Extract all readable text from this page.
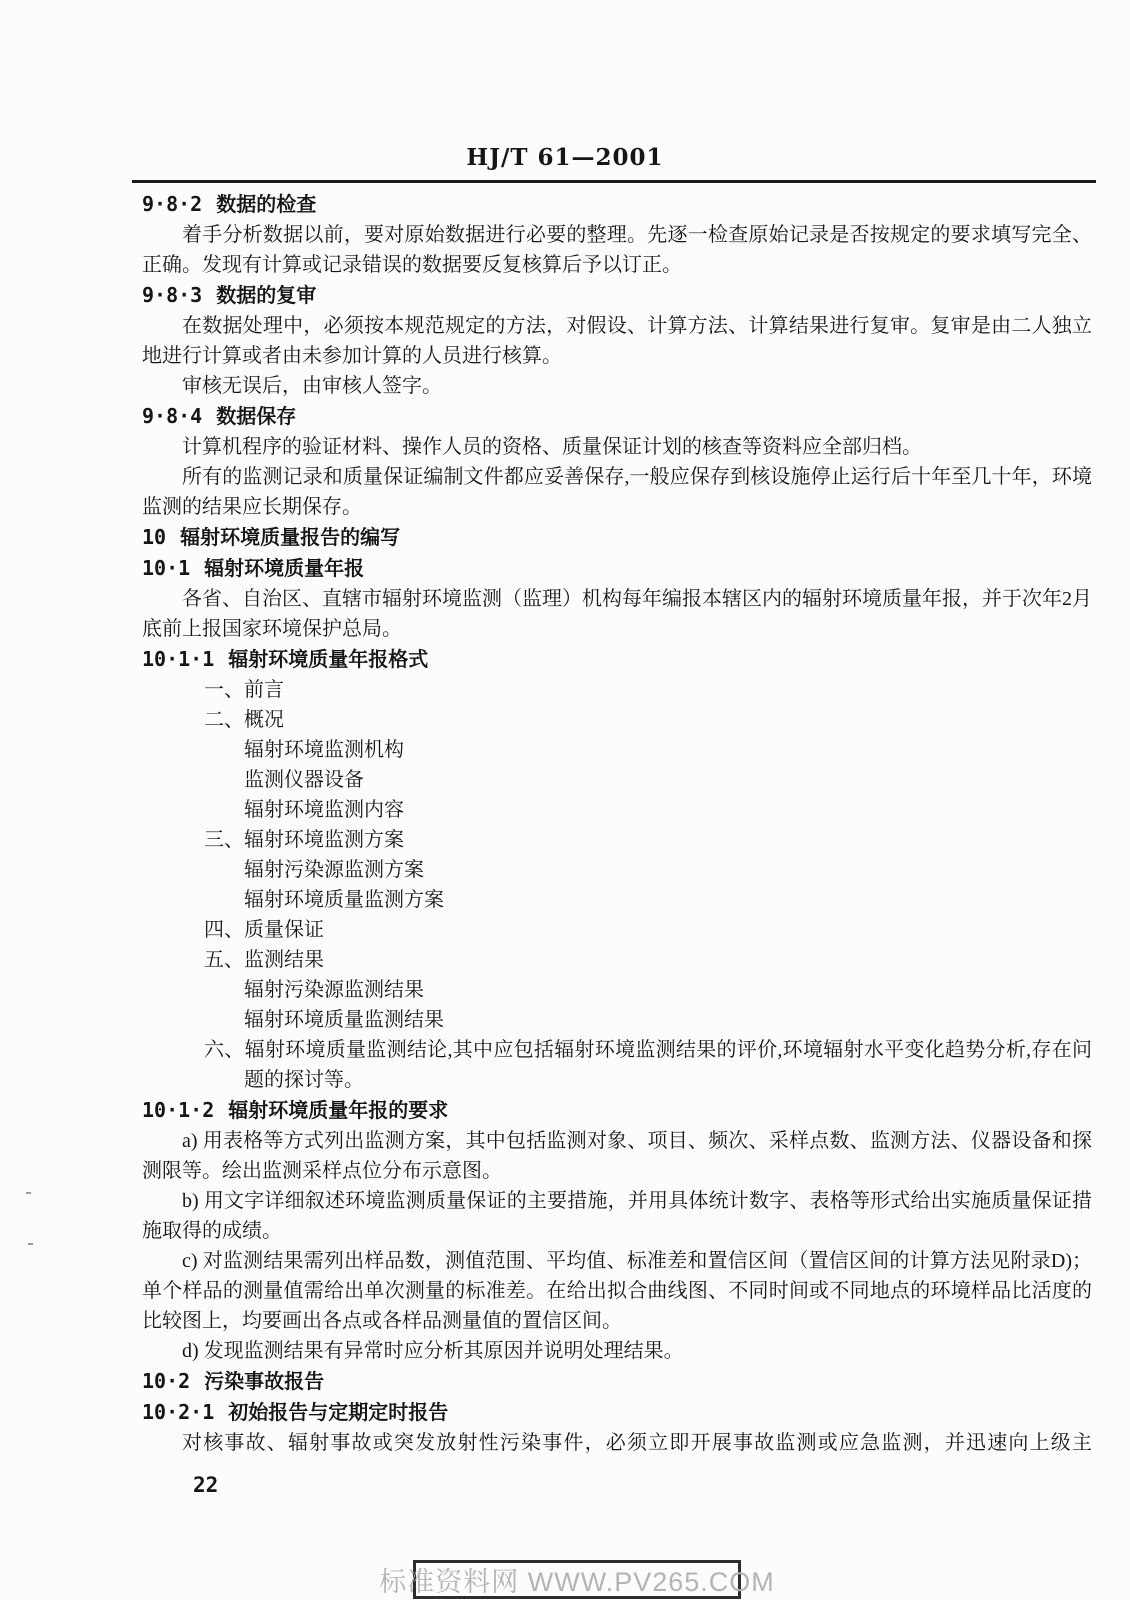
HJ/T 61—2001
9·8·2 数据的检查
着手分析数据以前，要对原始数据进行必要的整理。先逐一检查原始记录是否按规定的要求填写完全、正确。发现有计算或记录错误的数据要反复核算后予以订正。
9·8·3 数据的复审
在数据处理中，必须按本规范规定的方法，对假设、计算方法、计算结果进行复审。复审是由二人独立地进行计算或者由未参加计算的人员进行核算。
审核无误后，由审核人签字。
9·8·4 数据保存
计算机程序的验证材料、操作人员的资格、质量保证计划的核查等资料应全部归档。
所有的监测记录和质量保证编制文件都应妥善保存,一般应保存到核设施停止运行后十年至几十年，环境监测的结果应长期保存。
10 辐射环境质量报告的编写
10·1 辐射环境质量年报
各省、自治区、直辖市辐射环境监测（监理）机构每年编报本辖区内的辐射环境质量年报，并于次年2月底前上报国家环境保护总局。
10·1·1 辐射环境质量年报格式
一、前言
二、概况
辐射环境监测机构
监测仪器设备
辐射环境监测内容
三、辐射环境监测方案
辐射污染源监测方案
辐射环境质量监测方案
四、质量保证
五、监测结果
辐射污染源监测结果
辐射环境质量监测结果
六、辐射环境质量监测结论,其中应包括辐射环境监测结果的评价,环境辐射水平变化趋势分析,存在问题的探讨等。
10·1·2 辐射环境质量年报的要求
a) 用表格等方式列出监测方案，其中包括监测对象、项目、频次、采样点数、监测方法、仪器设备和探测限等。绘出监测采样点位分布示意图。
b) 用文字详细叙述环境监测质量保证的主要措施，并用具体统计数字、表格等形式给出实施质量保证措施取得的成绩。
c) 对监测结果需列出样品数，测值范围、平均值、标准差和置信区间（置信区间的计算方法见附录D)；单个样品的测量值需给出单次测量的标准差。在给出拟合曲线图、不同时间或不同地点的环境样品比活度的比较图上，均要画出各点或各样品测量值的置信区间。
d) 发现监测结果有异常时应分析其原因并说明处理结果。
10·2 污染事故报告
10·2·1 初始报告与定期定时报告
对核事故、辐射事故或突发放射性污染事件，必须立即开展事故监测或应急监测，并迅速向上级主
22
标准资料网 WWW.PV265.COM
